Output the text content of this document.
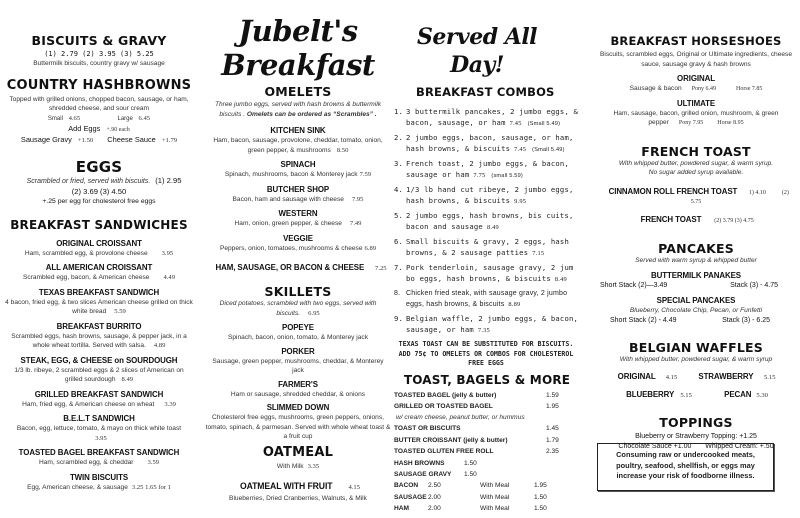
BISCUITS & GRAVY
(1) 2.79 (2) 3.95 (3) 5.25
Buttermilk biscuits, country gravy w/ sausage
COUNTRY HASHBROWNS
Topped with grilled onions, chopped bacon, sausage, or ham, shredded cheese, and sour cream
Small 4.65	Large 6.45
Add Eggs +.90 each
Sausage Gravy +1.50 Cheese Sauce +1.79
EGGS
Scrambled or fried, served with biscuits. (1) 2.95
(2) 3.69 (3) 4.50
+.25 per egg for cholesterol free eggs
BREAKFAST SANDWICHES
ORIGINAL CROISSANT
Ham, scrambled egg, & provolone cheese 3.95
ALL AMERICAN CROISSANT
Scrambled egg, bacon, & American cheese 4.49
TEXAS BREAKFAST SANDWICH
4 bacon, fried egg, & two slices American cheese grilled on thick white bread 5.59
BREAKFAST BURRITO
Scrambled eggs, hash browns, sausage, & pepper jack, in a whole wheat tortilla. Served with salsa. 4.89
STEAK, EGG, & CHEESE on SOURDOUGH
1/3 lb. ribeye, 2 scrambled eggs & 2 slices of American on grilled sourdough 8.49
GRILLED BREAKFAST SANDWICH
Ham, fried egg, & American cheese on wheat 3.39
B.E.L.T SANDWICH
Bacon, egg, lettuce, tomato, & mayo on thick white toast
3.95
TOASTED BAGEL BREAKFAST SANDWICH
Ham, scrambled egg, & cheddar 3.59
TWIN BISCUITS
Egg, American cheese, & sausage 3.25 1.65 for 1
Jubelt's Breakfast
OMELETS
Three jumbo eggs, served with hash browns & buttermilk biscuits . Omelets can be ordered as “Scrambles” .
KITCHEN SINK
Ham, bacon, sausage, provolone, cheddar, tomato, onion, green pepper, & mushrooms 8.50
SPINACH
Spinach, mushrooms, bacon & Monterey jack 7.59
BUTCHER SHOP
Bacon, ham and sausage with cheese 7.95
WESTERN
Ham, onion, green pepper, & cheese 7.49
VEGGIE
Peppers, onion, tomatoes, mushrooms & cheese 6.89
HAM, SAUSAGE, OR BACON & CHEESE 7.25
SKILLETS
Diced potatoes, scrambled with two eggs, served with biscuits. 6.95
POPEYE
Spinach, bacon, onion, tomato, & Monterey jack
PORKER
Sausage, green pepper, mushrooms, cheddar, & Monterey jack
FARMER'S
Ham or sausage, shredded cheddar, & onions
SLIMMED DOWN
Cholesterol free eggs, mushrooms, green peppers, onions, tomato, spinach, & parmesan. Served with whole wheat toast & a fruit cup
OATMEAL
With Milk 3.35
OATMEAL WITH FRUIT 4.15
Blueberries, Dried Cranberries, Walnuts, & Milk
Served All Day!
BREAKFAST COMBOS
1. 3 buttermilk pancakes, 2 jumbo eggs, & bacon, sausage, or ham 7.45 (Small 5.49)
2. 2 jumbo eggs, bacon, sausage, or ham, hash browns, & biscuits 7.45 (Small 5.49)
3. French toast, 2 jumbo eggs, & bacon, sausage or ham 7.75 (small 5.59)
4. 1/3 lb hand cut ribeye, 2 jumbo eggs, hash browns, & biscuits 9.95
5. 2 jumbo eggs, hash browns, bis cuits, bacon and sausage 8.49
6. Small biscuits & gravy, 2 eggs, hash browns, & 2 sausage patties 7.15
7. Pork tenderloin, sausage gravy, 2 jum bo eggs, hash browns, & biscuits 8.49
8. Chicken fried steak, with sausage gravy, 2 jumbo eggs, hash browns, & biscuits 8.89
9. Belgian waffle, 2 jumbo eggs, & bacon, sausage, or ham 7.35
TEXAS TOAST CAN BE SUBSTITUTED FOR BISCUITS. ADD 75¢ TO OMELETS OR COMBOS FOR CHOLESTEROL FREE EGGS
TOAST, BAGELS & MORE
TOASTED BAGEL (jelly & butter)	1.59
GRILLED OR TOASTED BAGEL	1.95
w/ cream cheese, peanut butter, or hummus
TOAST OR BISCUITS	1.45
BUTTER CROISSANT (jelly & butter)	1.79
TOASTED GLUTEN FREE ROLL	2.35
HASH BROWNS	1.50
SAUSAGE GRAVY	1.50
BACON	2.50	With Meal	1.95
SAUSAGE 2.00	With Meal	1.50
HAM	2.00	With Meal	1.50
BREAKFAST HORSESHOES
Biscuits, scrambled eggs, Original or Ultimate ingredients, cheese sauce, sausage gravy & hash browns
ORIGINAL
Sausage & bacon Pony 6.49	Horse 7.85
ULTIMATE
Ham, sausage, bacon, grilled onion, mushroom, & green pepper Pony 7.95 Horse 8.95
FRENCH TOAST
With whipped butter, powdered sugar, & warm syrup.
No sugar added syrup available.
CINNAMON ROLL FRENCH TOAST 1) 4.10	(2)
5.75
FRENCH TOAST (2) 3.79 (3) 4.75
PANCAKES
Served with warm syrup & whipped butter
BUTTERMILK PANAKES
Short Stack (2)—3.49	Stack (3) - 4.75
SPECIAL PANCAKES
Blueberry, Chocolate Chip, Pecan, or Funfetti
Short Stack (2) - 4.49	Stack (3) - 6.25
BELGIAN WAFFLES
With whipped butter, powdered sugar, & warm syrup
ORIGINAL 4.15 STRAWBERRY 5.15
BLUEBERRY 5.15	PECAN 5.30
TOPPINGS
Blueberry or Strawberry Topping: +1.25
Chocolate Sauce +1.00 Whipped Cream: +.50
Consuming raw or undercooked meats, poultry, seafood, shellfish, or eggs may increase your risk of foodborne illness.
